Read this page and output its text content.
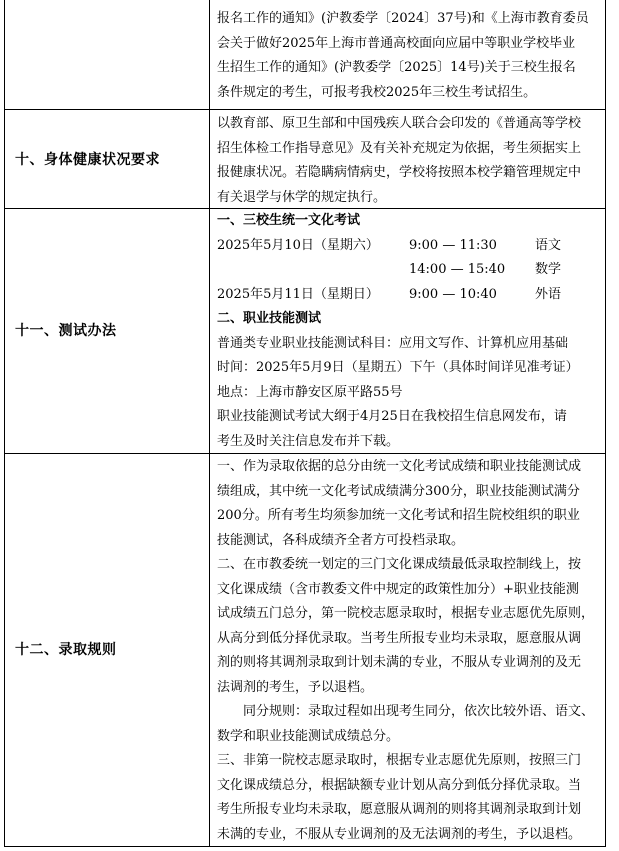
报名工作的通知》(沪教委学〔2024〕37号)和《上海市教育委员
会关于做好2025年上海市普通高校面向应届中等职业学校毕业
生招生工作的通知》(沪教委学〔2025〕14号)关于三校生报名
条件规定的考生，可报考我校2025年三校生考试招生。
十、身体健康状况要求
以教育部、原卫生部和中国残疾人联合会印发的《普通高等学校
招生体检工作指导意见》及有关补充规定为依据，考生须据实上
报健康状况。若隐瞒病情病史，学校将按照本校学籍管理规定中
有关退学与休学的规定执行。
十一、测试办法
一、三校生统一文化考试
2025年5月10日（星期六） 9:00 — 11:30	语文
14:00 — 15:40 数学
2025年5月11日（星期日） 9:00 — 10:40	外语
二、职业技能测试
普通类专业职业技能测试科目：应用文写作、计算机应用基础
时间：2025年5月9日（星期五）下午（具体时间详见准考证）
地点：上海市静安区原平路55号
职业技能测试考试大纲于4月25日在我校招生信息网发布，请
考生及时关注信息发布并下载。
十二、录取规则
一、作为录取依据的总分由统一文化考试成绩和职业技能测试成
绩组成，其中统一文化考试成绩满分300分，职业技能测试满分
200分。所有考生均须参加统一文化考试和招生院校组织的职业
技能测试，各科成绩齐全者方可投档录取。
二、在市教委统一划定的三门文化课成绩最低录取控制线上，按
文化课成绩（含市教委文件中规定的政策性加分）+职业技能测
试成绩五门总分，第一院校志愿录取时，根据专业志愿优先原则，
从高分到低分择优录取。当考生所报专业均未录取，愿意服从调
剂的则将其调剂录取到计划未满的专业，不服从专业调剂的及无
法调剂的考生，予以退档。
同分规则：录取过程如出现考生同分，依次比较外语、语文、
数学和职业技能测试成绩总分。
三、非第一院校志愿录取时，根据专业志愿优先原则，按照三门
文化课成绩总分，根据缺额专业计划从高分到低分择优录取。当
考生所报专业均未录取，愿意服从调剂的则将其调剂录取到计划
未满的专业，不服从专业调剂的及无法调剂的考生，予以退档。
